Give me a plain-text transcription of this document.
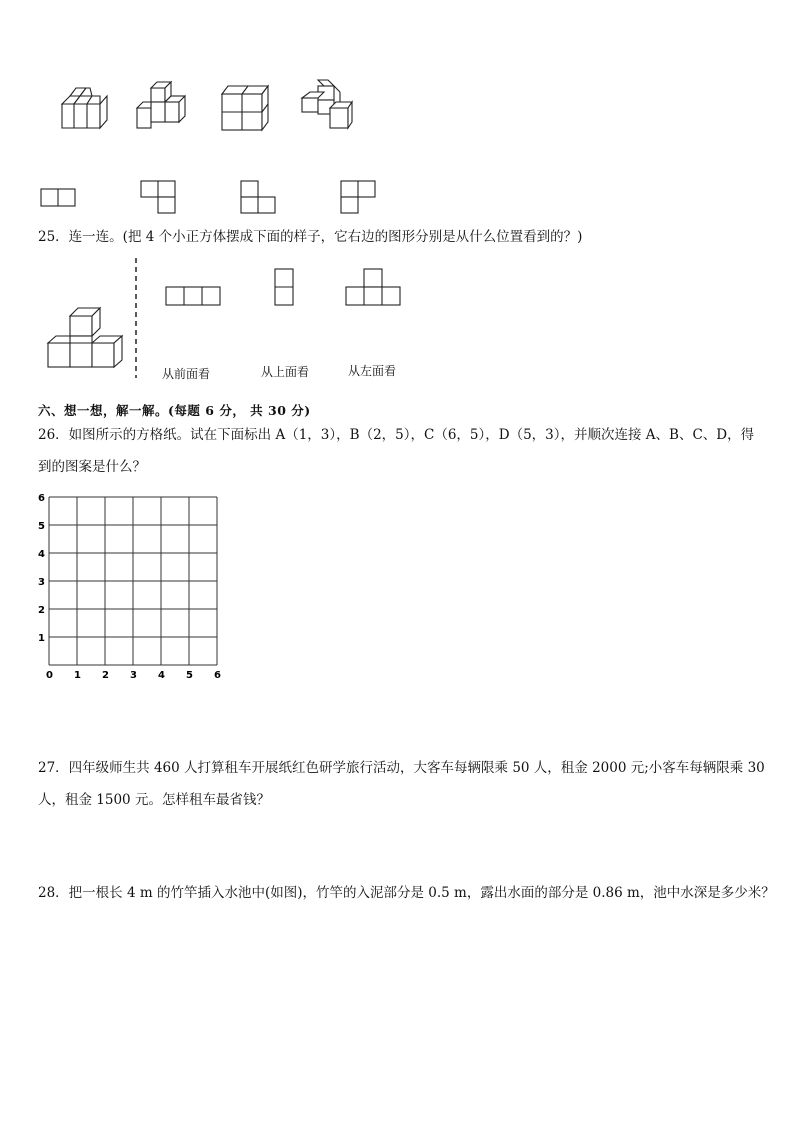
25．连一连。(把 4 个小正方体摆成下面的样子，它右边的图形分别是从什么位置看到的？)
从前面看	从上面看	从左面看
六、想一想，解一解。(每题 6 分， 共 30 分)
26．如图所示的方格纸。试在下面标出 A（1，3），B（2，5），C（6，5），D（5，3），并顺次连接 A、B、C、D，得
到的图案是什么？
0 1 2 3 4 5 6
1
2
3
4
5
6
27．四年级师生共 460 人打算租车开展纸红色研学旅行活动，大客车每辆限乘 50 人，租金 2000 元;小客车每辆限乘 30
人，租金 1500 元。怎样租车最省钱？
28．把一根长 4 m 的竹竿插入水池中(如图)，竹竿的入泥部分是 0.5 m，露出水面的部分是 0.86 m，池中水深是多少米？
